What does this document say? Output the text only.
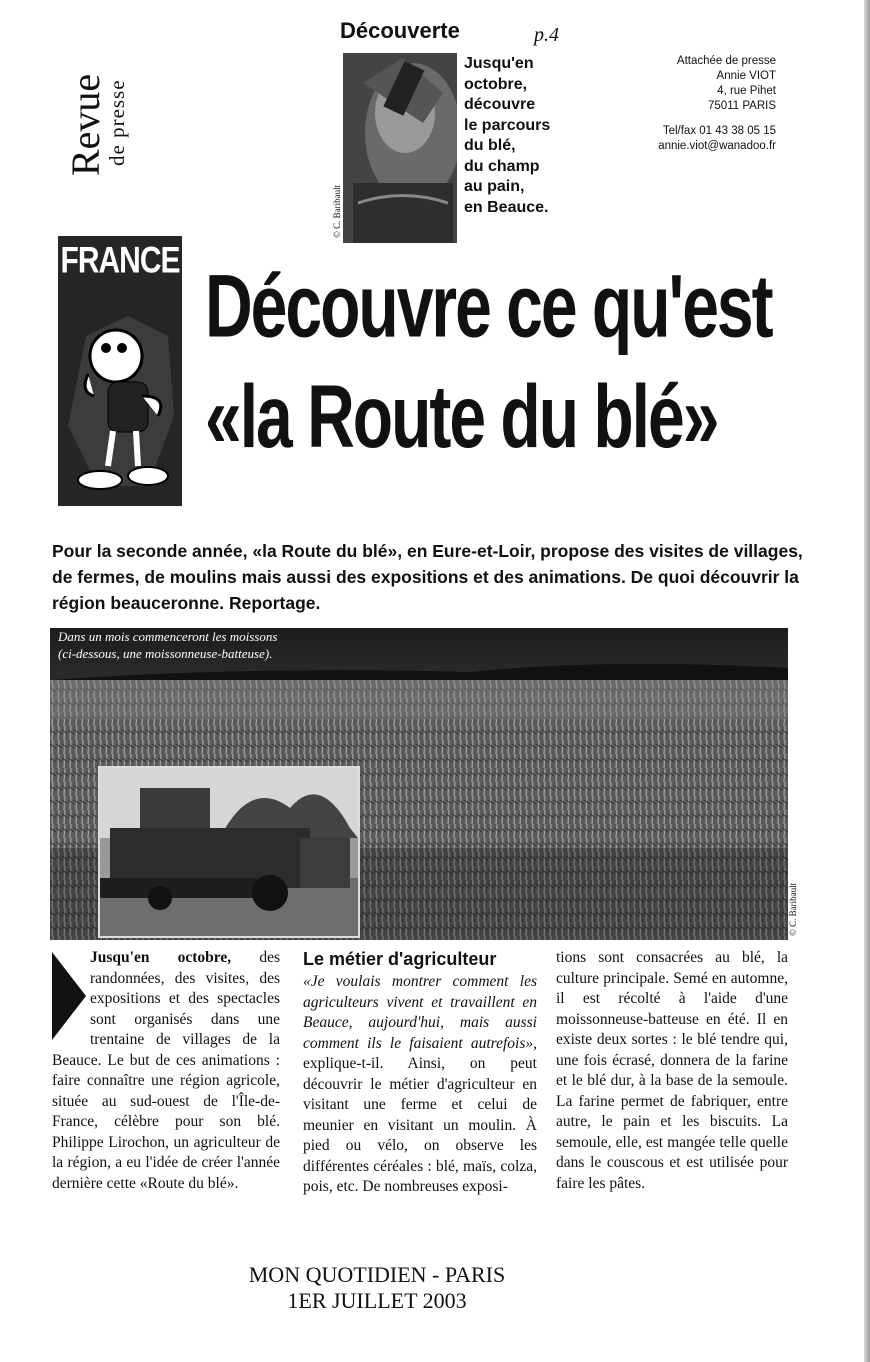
Revue
de presse
Découverte	p.4
© C. Baribault
Jusqu'en
octobre,
découvre
le parcours
du blé,
du champ
au pain,
en Beauce.
Attachée de presse
Annie VIOT
4, rue Pihet
75011 PARIS
Tel/fax 01 43 38 05 15
annie.viot@wanadoo.fr
FRANCE Découvre ce qu'est
«la Route du blé»
Pour la seconde année, «la Route du blé», en Eure-et-Loir, propose des visites de villages, de fermes, de moulins mais aussi des expositions et des animations. De quoi découvrir la région beauceronne. Reportage.
Dans un mois commenceront les moissons
(ci-dessous, une moissonneuse-batteuse).
© C. Baribault
Jusqu'en octobre, des randonnées, des visites, des expositions et des spectacles sont organisés dans une trentaine de villages de la Beauce. Le but de ces animations : faire connaître une région agricole, située au sud-ouest de l'Île-de-France, célèbre pour son blé. Philippe Lirochon, un agriculteur de la région, a eu l'idée de créer l'année dernière cette «Route du blé».
Le métier d'agriculteur
«Je voulais montrer comment les agriculteurs vivent et travaillent en Beauce, aujourd'hui, mais aussi comment ils le faisaient autrefois», explique-t-il. Ainsi, on peut découvrir le métier d'agriculteur en visitant une ferme et celui de meunier en visitant un moulin. À pied ou vélo, on observe les différentes céréales : blé, maïs, colza, pois, etc. De nombreuses exposi-
tions sont consacrées au blé, la culture principale. Semé en automne, il est récolté à l'aide d'une moissonneuse-batteuse en été. Il en existe deux sortes : le blé tendre qui, une fois écrasé, donnera de la farine et le blé dur, à la base de la semoule. La farine permet de fabriquer, entre autre, le pain et les biscuits. La semoule, elle, est mangée telle quelle dans le couscous et est utilisée pour faire les pâtes.
MON QUOTIDIEN - PARIS
1ER JUILLET 2003
